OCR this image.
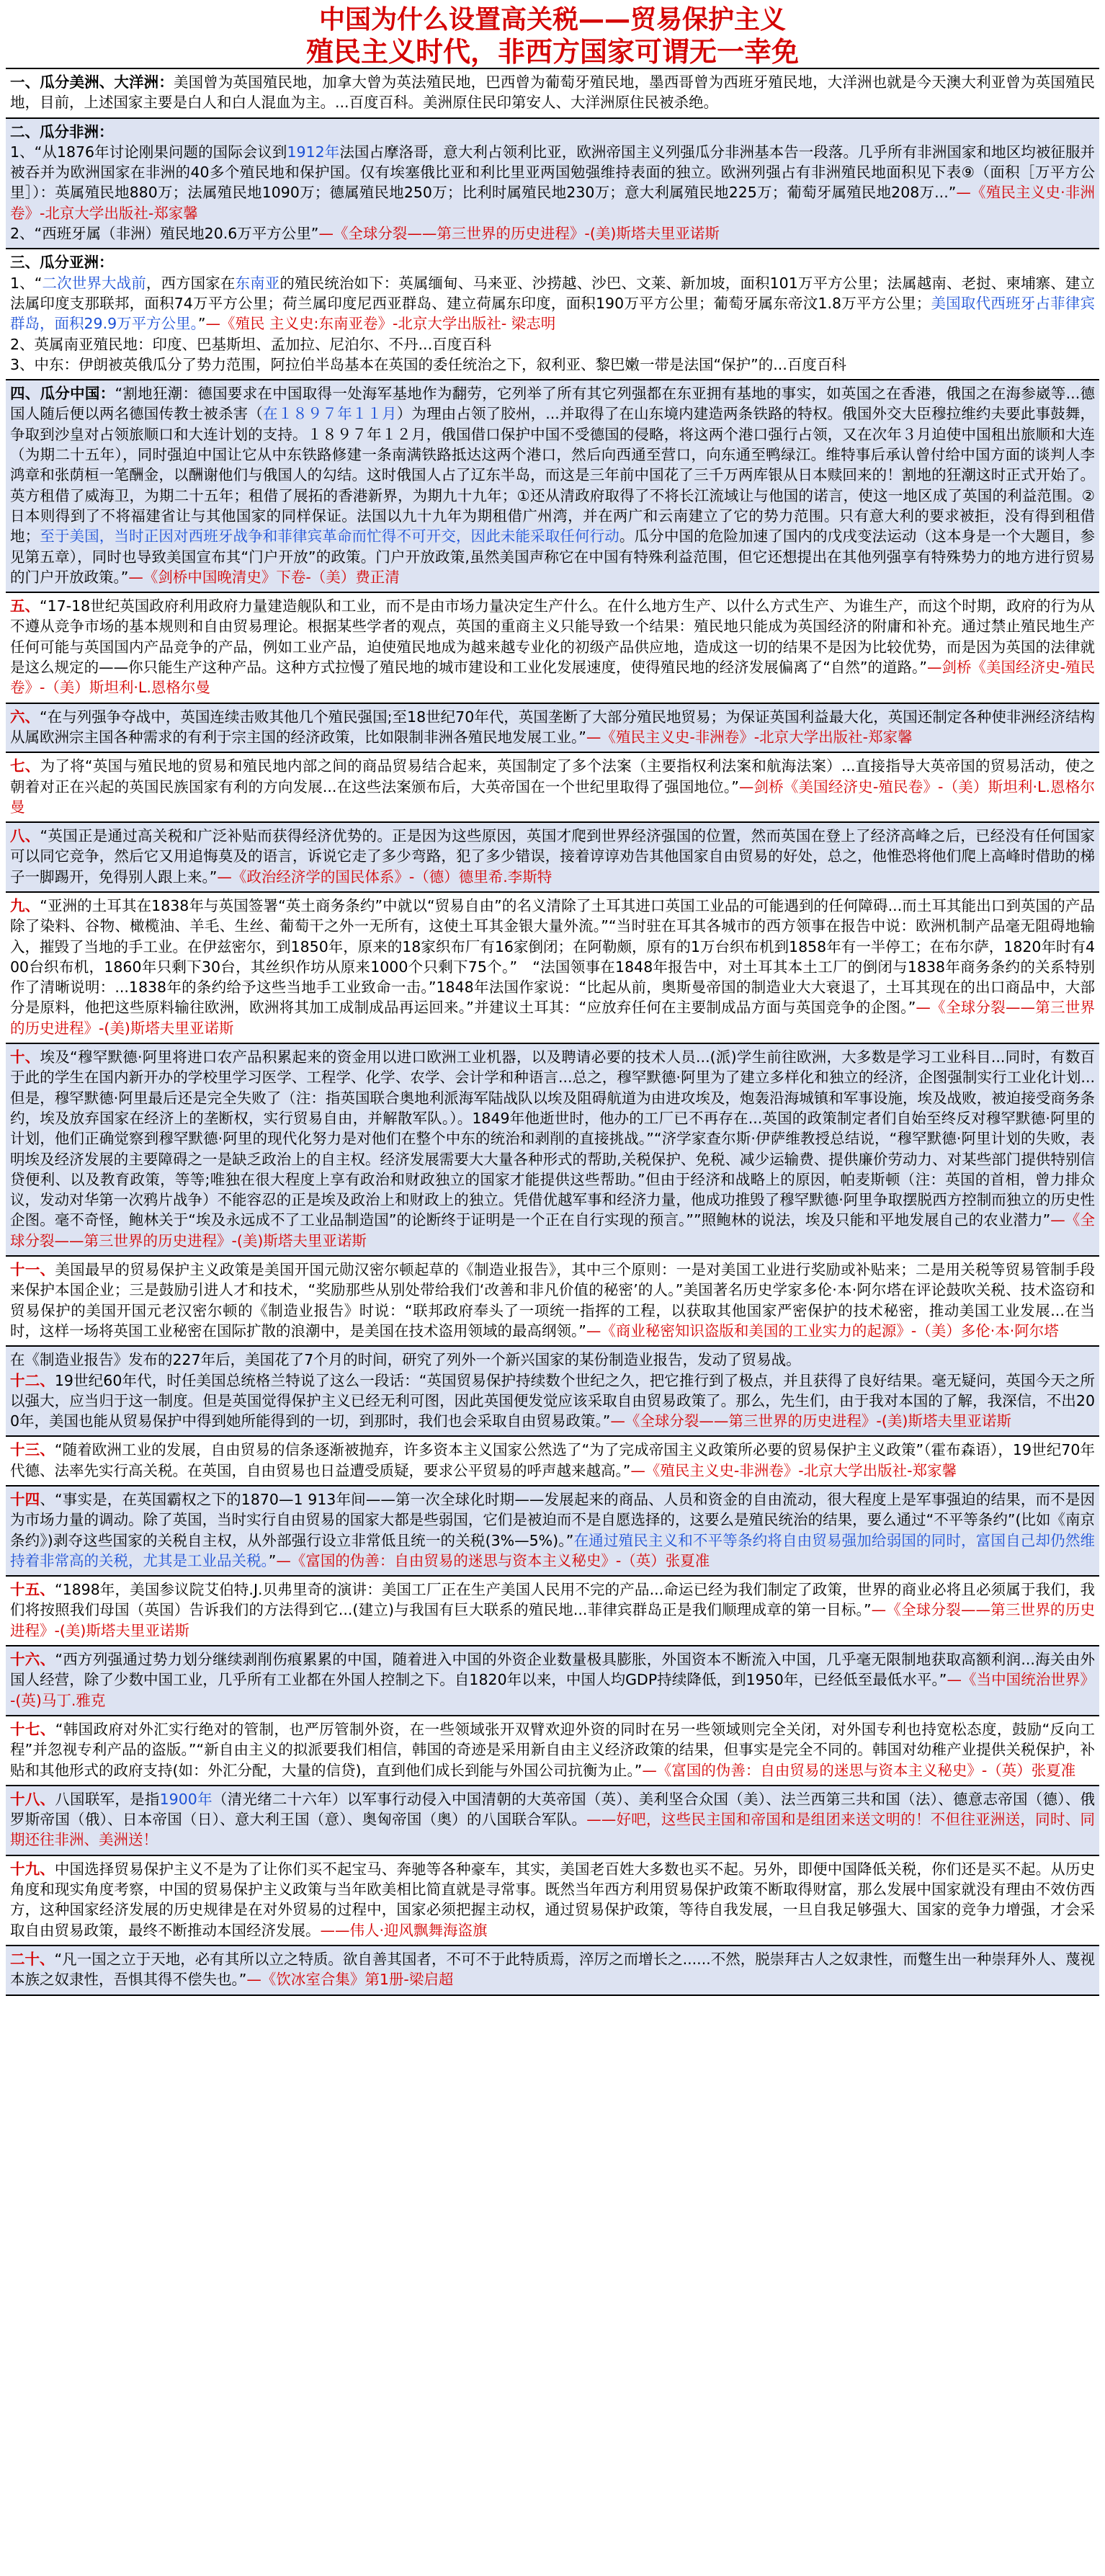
中国为什么设置高关税——贸易保护主义
殖民主义时代，非西方国家可谓无一幸免

一、瓜分美洲、大洋洲：美国曾为英国殖民地，加拿大曾为英法殖民地，巴西曾为葡萄牙殖民地，墨西哥曾为西班牙殖民地，大洋洲也就是今天澳大利亚曾为英国殖民地，目前，上述国家主要是白人和白人混血为主。...百度百科。美洲原住民印第安人、大洋洲原住民被杀绝。

二、瓜分非洲：

1、“从1876年讨论刚果问题的国际会议到1912年法国占摩洛哥，意大利占领利比亚，欧洲帝国主义列强瓜分非洲基本告一段落。几乎所有非洲国家和地区均被征服并被吞并为欧洲国家在非洲的40多个殖民地和保护国。仅有埃塞俄比亚和利比里亚两国勉强维持表面的独立。欧洲列强占有非洲殖民地面积见下表⑨（面积［万平方公里］）：英属殖民地880万；法属殖民地1090万；德属殖民地250万；比利时属殖民地230万；意大利属殖民地225万；葡萄牙属殖民地208万...”—《殖民主义史·非洲卷》-北京大学出版社-郑家馨

2、“西班牙属（非洲）殖民地20.6万平方公里”—《全球分裂——第三世界的历史进程》-(美)斯塔夫里亚诺斯

三、瓜分亚洲：

1、“二次世界大战前，西方国家在东南亚的殖民统治如下：英属缅甸、马来亚、沙捞越、沙巴、文莱、新加坡，面积101万平方公里；法属越南、老挝、柬埔寨、建立法属印度支那联邦，面积74万平方公里；荷兰属印度尼西亚群岛、建立荷属东印度，面积190万平方公里；葡萄牙属东帝汶1.8万平方公里；美国取代西班牙占菲律宾群岛，面积29.9万平方公里。”—《殖民 主义史:东南亚卷》-北京大学出版社- 梁志明

2、英属南亚殖民地：印度、巴基斯坦、孟加拉、尼泊尔、不丹...百度百科

3、中东：伊朗被英俄瓜分了势力范围，阿拉伯半岛基本在英国的委任统治之下，叙利亚、黎巴嫩一带是法国“保护”的...百度百科

四、瓜分中国：“割地狂潮：德国要求在中国取得一处海军基地作为翻劳，它列举了所有其它列强都在东亚拥有基地的事实，如英国之在香港，俄国之在海参崴等...德国人随后便以两名德国传教士被杀害（在１８９７年１１月）为理由占领了胶州，...并取得了在山东境内建造两条铁路的特权。俄国外交大臣穆拉维约夫要此事鼓舞，争取到沙皇对占领旅顺口和大连计划的支持。１８９７年１２月，俄国借口保护中国不受德国的侵略，将这两个港口强行占领，又在次年３月迫使中国租出旅顺和大连（为期二十五年），同时强迫中国让它从中东铁路修建一条南满铁路抵达这两个港口，然后向西通至营口，向东通至鸭绿江。维特事后承认曾付给中国方面的谈判人李鸿章和张荫桓一笔酬金，以酬谢他们与俄国人的勾结。这时俄国人占了辽东半岛，而这是三年前中国花了三千万两库银从日本赎回来的！割地的狂潮这时正式开始了。英方租借了威海卫，为期二十五年；租借了展拓的香港新界，为期九十九年；①还从清政府取得了不将长江流域让与他国的诺言，使这一地区成了英国的利益范围。②日本则得到了不将福建省让与其他国家的同样保证。法国以九十九年为期租借广州湾，并在两广和云南建立了它的势力范围。只有意大利的要求被拒，没有得到租借地；至于美国，当时正因对西班牙战争和菲律宾革命而忙得不可开交，因此未能采取任何行动。瓜分中国的危险加速了国内的戊戌变法运动（这本身是一个大题目，参见第五章），同时也导致美国宣布其“门户开放”的政策。门户开放政策,虽然美国声称它在中国有特殊利益范围，但它还想提出在其他列强享有特殊势力的地方进行贸易的门户开放政策。”—《剑桥中国晚清史》下卷-（美）费正清

五、“17-18世纪英国政府利用政府力量建造舰队和工业，而不是由市场力量决定生产什么。在什么地方生产、以什么方式生产、为谁生产，而这个时期，政府的行为从不遵从竞争市场的基本规则和自由贸易理论。根据某些学者的观点，英国的重商主义只能导致一个结果：殖民地只能成为英国经济的附庸和补充。通过禁止殖民地生产任何可能与英国国内产品竞争的产品，例如工业产品，迫使殖民地成为越来越专业化的初级产品供应地，造成这一切的结果不是因为比较优势，而是因为英国的法律就是这么规定的——你只能生产这种产品。这种方式拉慢了殖民地的城市建设和工业化发展速度，使得殖民地的经济发展偏离了“自然”的道路。”—剑桥《美国经济史-殖民卷》-（美）斯坦利·L.恩格尔曼

六、“在与列强争夺战中，英国连续击败其他几个殖民强国;至18世纪70年代，英国垄断了大部分殖民地贸易；为保证英国利益最大化，英国还制定各种使非洲经济结构从属欧洲宗主国各种需求的有利于宗主国的经济政策，比如限制非洲各殖民地发展工业。”—《殖民主义史-非洲卷》-北京大学出版社-郑家馨

七、为了将“英国与殖民地的贸易和殖民地内部之间的商品贸易结合起来，英国制定了多个法案（主要指权利法案和航海法案）...直接指导大英帝国的贸易活动，使之朝着对正在兴起的英国民族国家有利的方向发展...在这些法案颁布后，大英帝国在一个世纪里取得了强国地位。”—剑桥《美国经济史-殖民卷》-（美）斯坦利·L.恩格尔曼

八、“英国正是通过高关税和广泛补贴而获得经济优势的。正是因为这些原因，英国才爬到世界经济强国的位置，然而英国在登上了经济高峰之后，已经没有任何国家可以同它竞争，然后它又用追悔莫及的语言，诉说它走了多少弯路，犯了多少错误，接着谆谆劝告其他国家自由贸易的好处，总之，他惟恐将他们爬上高峰时借助的梯子一脚踢开，免得别人跟上来。”—《政治经济学的国民体系》-（德）德里希.李斯特

九、“亚洲的土耳其在1838年与英国签署“英土商务条约”中就以“贸易自由”的名义清除了土耳其进口英国工业品的可能遇到的任何障碍...而土耳其能出口到英国的产品除了染料、谷物、橄榄油、羊毛、生丝、葡萄干之外一无所有，这使土耳其金银大量外流。”“当时驻在耳其各城市的西方领事在报告中说：欧洲机制产品毫无阻碍地输入，摧毁了当地的手工业。在伊兹密尔，到1850年，原来的18家织布厂有16家倒闭；在阿勒颇，原有的1万台织布机到1858年有一半停工；在布尔萨，1820年时有400台织布机，1860年只剩下30台，其丝织作坊从原来1000个只剩下75个。”　“法国领事在1848年报告中，对土耳其本土工厂的倒闭与1838年商务条约的关系特别作了清晰说明：...1838年的条约给予这些当地手工业致命一击。”1848年法国作家说：“比起从前，奥斯曼帝国的制造业大大衰退了，土耳其现在的出口商品中，大部分是原料，他把这些原料输往欧洲，欧洲将其加工成制成品再运回来。”并建议土耳其：“应放弃任何在主要制成品方面与英国竞争的企图。”—《全球分裂——第三世界的历史进程》-(美)斯塔夫里亚诺斯

十、埃及“穆罕默德·阿里将进口农产品积累起来的资金用以进口欧洲工业机器，以及聘请必要的技术人员...(派)学生前往欧洲，大多数是学习工业科目...同时，有数百于此的学生在国内新开办的学校里学习医学、工程学、化学、农学、会计学和种语言...总之，穆罕默德·阿里为了建立多样化和独立的经济，企图强制实行工业化计划...但是，穆罕默德·阿里最后还是完全失败了（注：指英国联合奥地利派海军陆战队以埃及阻碍航道为由进攻埃及，炮轰沿海城镇和军事设施，埃及战败，被迫接受商务条约，埃及放弃国家在经济上的垄断权，实行贸易自由，并解散军队。）。1849年他逝世时，他办的工厂已不再存在...英国的政策制定者们自始至终反对穆罕默德·阿里的计划，他们正确觉察到穆罕默德·阿里的现代化努力是对他们在整个中东的统治和剥削的直接挑战。”“济学家查尔斯·伊萨维教授总结说，“穆罕默德·阿里计划的失败，表明埃及经济发展的主要障碍之一是缺乏政治上的自主权。经济发展需要大大量各种形式的帮助,关税保护、免税、减少运输费、提供廉价劳动力、对某些部门提供特别信贷便利、以及教育政策，等等;唯独在很大程度上享有政治和财政独立的国家才能提供这些帮助。”但由于经济和战略上的原因，帕麦斯顿（注：英国的首相，曾力排众议，发动对华第一次鸦片战争）不能容忍的正是埃及政治上和财政上的独立。凭借优越军事和经济力量，他成功推毁了穆罕默德·阿里争取摆脱西方控制而独立的历史性企图。毫不奇怪，鲍林关于“埃及永远成不了工业品制造国”的论断终于证明是一个正在自行实现的预言。””照鲍林的说法，埃及只能和平地发展自己的农业潜力”—《全球分裂——第三世界的历史进程》-(美)斯塔夫里亚诺斯

十一、美国最早的贸易保护主义政策是美国开国元勋汉密尔顿起草的《制造业报告》，其中三个原则：一是对美国工业进行奖励或补贴来；二是用关税等贸易管制手段来保护本国企业；三是鼓励引进人才和技术，“奖励那些从别处带给我们‘改善和非凡价值的秘密’的人。”美国著名历史学家多伦·本·阿尔塔在评论鼓吹关税、技术盗窃和贸易保护的美国开国元老汉密尔顿的《制造业报告》时说：“联邦政府奉头了一项统一指挥的工程，以获取其他国家严密保护的技术秘密，推动美国工业发展...在当时，这样一场将英国工业秘密在国际扩散的浪潮中，是美国在技术盗用领域的最高纲领。”—《商业秘密知识盗版和美国的工业实力的起源》-（美）多伦·本·阿尔塔

在《制造业报告》发布的227年后，美国花了7个月的时间，研究了列外一个新兴国家的某份制造业报告，发动了贸易战。

十二、19世纪60年代，时任美国总统格兰特说了这么一段话：“英国贸易保护持续数个世纪之久，把它推行到了极点，并且获得了良好结果。毫无疑问，英国今天之所以强大，应当归于这一制度。但是英国觉得保护主义已经无利可图，因此英国便发觉应该采取自由贸易政策了。那么，先生们，由于我对本国的了解，我深信，不出200年，美国也能从贸易保护中得到她所能得到的一切，到那时，我们也会采取自由贸易政策。”—《全球分裂——第三世界的历史进程》-(美)斯塔夫里亚诺斯

十三、“随着欧洲工业的发展，自由贸易的信条逐渐被抛弃，许多资本主义国家公然选了“为了完成帝国主义政策所必要的贸易保护主义政策”（霍布森语），19世纪70年代德、法率先实行高关税。在英国，自由贸易也日益遭受质疑，要求公平贸易的呼声越来越高。”—《殖民主义史-非洲卷》-北京大学出版社-郑家馨

十四、“事实是，在英国霸权之下的1870—1 913年间——第一次全球化时期——发展起来的商品、人员和资金的自由流动，很大程度上是军事强迫的结果，而不是因为市场力量的调动。除了英国，当时实行自由贸易的国家大都是些弱国，它们是被迫而不是自愿选择的，这要么是殖民统治的结果，要么通过“不平等条约”(比如《南京条约》)剥夺这些国家的关税自主权，从外部强行设立非常低且统一的关税(3%—5%)。”在通过殖民主义和不平等条约将自由贸易强加给弱国的同时，富国自己却仍然维持着非常高的关税，尤其是工业品关税。”—《富国的伪善：自由贸易的迷思与资本主义秘史》-（英）张夏准

十五、“1898年，美国参议院艾伯特.J.贝弗里奇的演讲：美国工厂正在生产美国人民用不完的产品...命运已经为我们制定了政策，世界的商业必将且必须属于我们，我们将按照我们母国（英国）告诉我们的方法得到它...(建立)与我国有巨大联系的殖民地...菲律宾群岛正是我们顺理成章的第一目标。”—《全球分裂——第三世界的历史进程》-(美)斯塔夫里亚诺斯

十六、“西方列强通过势力划分继续剥削伤痕累累的中国，随着进入中国的外资企业数量极具膨胀，外国资本不断流入中国，几乎毫无限制地获取高额利润...海关由外国人经营，除了少数中国工业，几乎所有工业都在外国人控制之下。自1820年以来，中国人均GDP持续降低，到1950年，已经低至最低水平。”—《当中国统治世界》-(英)马丁.雅克

十七、“韩国政府对外汇实行绝对的管制，也严厉管制外资，在一些领域张开双臂欢迎外资的同时在另一些领域则完全关闭，对外国专利也持宽松态度，鼓励“反向工程”并忽视专利产品的盗版。”“新自由主义的拟派要我们相信，韩国的奇迹是采用新自由主义经济政策的结果，但事实是完全不同的。韩国对幼稚产业提供关税保护，补贴和其他形式的政府支持(如：外汇分配，大量的信贷)，直到他们成长到能与外国公司抗衡为止。”—《富国的伪善：自由贸易的迷思与资本主义秘史》-（英）张夏准

十八、八国联军，是指1900年（清光绪二十六年）以军事行动侵入中国清朝的大英帝国（英）、美利坚合众国（美）、法兰西第三共和国（法）、德意志帝国（德）、俄罗斯帝国（俄）、日本帝国（日）、意大利王国（意）、奥匈帝国（奥）的八国联合军队。——好吧，这些民主国和帝国和是组团来送文明的！不但往亚洲送，同时、同期还往非洲、美洲送！

十九、中国选择贸易保护主义不是为了让你们买不起宝马、奔驰等各种豪车，其实，美国老百姓大多数也买不起。另外，即便中国降低关税，你们还是买不起。从历史角度和现实角度考察，中国的贸易保护主义政策与当年欧美相比简直就是寻常事。既然当年西方利用贸易保护政策不断取得财富，那么发展中国家就没有理由不效仿西方，这种国家经济发展的历史规律是在对外贸易的过程中，国家必须把握主动权，通过贸易保护政策，等待自我发展，一旦自我足够强大、国家的竞争力增强，才会采取自由贸易政策，最终不断推动本国经济发展。——伟人·迎风飘舞海盗旗

二十、“凡一国之立于天地，必有其所以立之特质。欲自善其国者，不可不于此特质焉，淬厉之而增长之......不然，脱崇拜古人之奴隶性，而蹩生出一种崇拜外人、蔑视本族之奴隶性，吾惧其得不偿失也。”—《饮冰室合集》第1册-梁启超
